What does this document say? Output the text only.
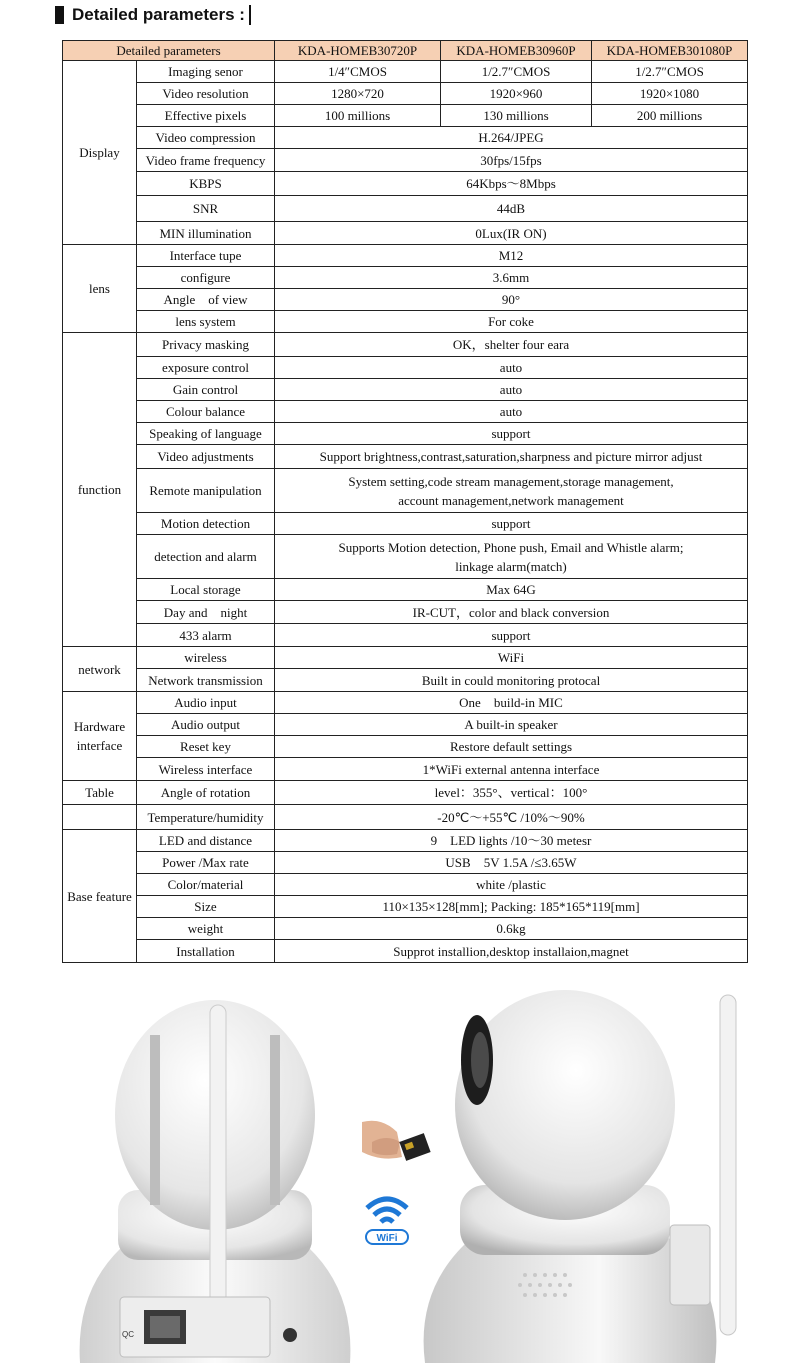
Detailed parameters :
Detailed parameters		KDA-HOMEB30720P	KDA-HOMEB30960P	KDA-HOMEB301080P
Display	Imaging senor	1/4″CMOS	1/2.7″CMOS	1/2.7″CMOS
	Video resolution	1280×720	1920×960	1920×1080
	Effective pixels	100 millions	130 millions	200 millions
	Video compression	H.264/JPEG		

	Video frame frequency	30fps/15fps		

	KBPS	64Kbps～8Mbps		

	SNR	44dB		

	MIN illumination	0Lux(IR ON)		

lens	Interface tupe	M12		

	configure	3.6mm		

	Angle　of view	90°		

	lens system	For coke		

function	Privacy masking	OK，shelter four eara		

	exposure control	auto		

	Gain control	auto		

	Colour balance	auto		

	Speaking of language	support		

	Video adjustments	Support brightness,contrast,saturation,sharpness and picture mirror adjust		

	Remote manipulation	System setting,code stream management,storage management,
account management,network management		

	Motion detection	support		

	detection and alarm	Supports Motion detection, Phone push, Email and Whistle alarm;
linkage alarm(match)		

	Local storage	Max 64G		

	Day and　night	IR-CUT，color and black conversion		

	433 alarm	support		

network	wireless	WiFi		

	Network transmission	Built in could monitoring protocal		

Hardware interface	Audio input	One　build-in MIC		

	Audio output	A built-in speaker		

	Reset key	Restore default settings		

	Wireless interface	1*WiFi external antenna interface		

Table	Angle of rotation	level：355°、vertical：100°		

	Temperature/humidity	-20℃～+55℃ /10%～90%		

Base feature	LED and distance	9　LED lights /10～30 metesr		

	Power /Max rate	USB　5V 1.5A /≤3.65W		

	Color/material	white /plastic		

	Size	110×135×128[mm]; Packing: 185*165*119[mm]		

	weight	0.6kg		

	Installation	Supprot installion,desktop installaion,magnet		
QC
WiFi
